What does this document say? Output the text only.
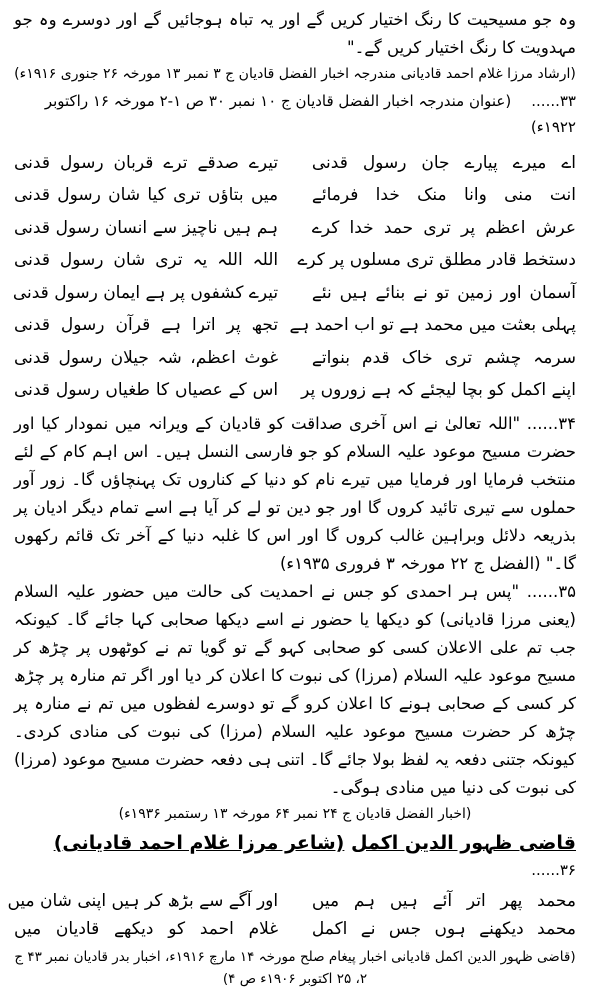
وہ جو مسیحیت کا رنگ اختیار کریں گے اور یہ تباہ ہوجائیں گے اور دوسرے وہ جو مہدویت کا رنگ اختیار کریں گے۔"

(ارشاد مرزا غلام احمد قادیانی مندرجہ اخبار الفضل قادیان ج ۳ نمبر ۱۳ مورخہ ۲۶ جنوری ۱۹۱۶ء)

۳۳...... (عنوان مندرجہ اخبار الفضل قادیان ج ۱۰ نمبر ۳۰ ص ۱-۲ مورخہ ۱۶ راکتوبر ۱۹۲۲ء)
اے میرے پیارے جان رسول قدنی
تیرے صدقے ترے قربان رسول قدنی
انت منی وانا منک خدا فرمائے
میں بتاؤں تری کیا شان رسول قدنی
عرش اعظم پر تری حمد خدا کرے
ہم ہیں ناچیز سے انسان رسول قدنی
دستخط قادر مطلق تری مسلوں پر کرے
اللہ اللہ یہ تری شان رسول قدنی
آسمان اور زمین تو نے بنائے ہیں نئے
تیرے کشفوں پر ہے ایمان رسول قدنی
پہلی بعثت میں محمد ہے تو اب احمد ہے
تجھ پر اترا ہے قرآن رسول قدنی
سرمہ چشم تری خاک قدم بنواتے
غوث اعظم، شہ جیلان رسول قدنی
اپنے اکمل کو بچا لیجئے کہ ہے زوروں پر
اس کے عصیاں کا طغیاں رسول قدنی

۳۴...... "اللہ تعالیٰ نے اس آخری صداقت کو قادیان کے ویرانہ میں نمودار کیا اور حضرت مسیح موعود علیہ السلام کو جو فارسی النسل ہیں۔ اس اہم کام کے لئے منتخب فرمایا اور فرمایا میں تیرے نام کو دنیا کے کناروں تک پہنچاؤں گا۔ زور آور حملوں سے تیری تائید کروں گا اور جو دین تو لے کر آیا ہے اسے تمام دیگر ادیان پر بذریعہ دلائل وبراہین غالب کروں گا اور اس کا غلبہ دنیا کے آخر تک قائم رکھوں گا۔" (الفضل ج ۲۲ مورخہ ۳ فروری ۱۹۳۵ء)

۳۵...... "پس ہر احمدی کو جس نے احمدیت کی حالت میں حضور علیہ السلام (یعنی مرزا قادیانی) کو دیکھا یا حضور نے اسے دیکھا صحابی کہا جائے گا۔ کیونکہ جب تم علی الاعلان کسی کو صحابی کہو گے تو گویا تم نے کوٹھوں پر چڑھ کر مسیح موعود علیہ السلام (مرزا) کی نبوت کا اعلان کر دیا اور اگر تم منارہ پر چڑھ کر کسی کے صحابی ہونے کا اعلان کرو گے تو دوسرے لفظوں میں تم نے منارہ پر چڑھ کر حضرت مسیح موعود علیہ السلام (مرزا) کی نبوت کی منادی کردی۔ کیونکہ جتنی دفعہ یہ لفظ بولا جائے گا۔ اتنی ہی دفعہ حضرت مسیح موعود (مرزا) کی نبوت کی دنیا میں منادی ہوگی۔

(اخبار الفضل قادیان ج ۲۴ نمبر ۶۴ مورخہ ۱۳ رستمبر ۱۹۳۶ء)

قاضی ظہور الدین اکمل (شاعر مرزا غلام احمد قادیانی)
۳۶......
محمد پھر اتر آئے ہیں ہم میں
اور آگے سے بڑھ کر ہیں اپنی شان میں
محمد دیکھنے ہوں جس نے اکمل
غلام احمد کو دیکھے قادیان میں
(قاضی ظہور الدین اکمل قادیانی اخبار پیغام صلح مورخہ ۱۴ مارچ ۱۹۱۶ء، اخبار بدر قادیان نمبر ۴۳ ج ۲، ۲۵ اکتوبر ۱۹۰۶ء ص ۴)
